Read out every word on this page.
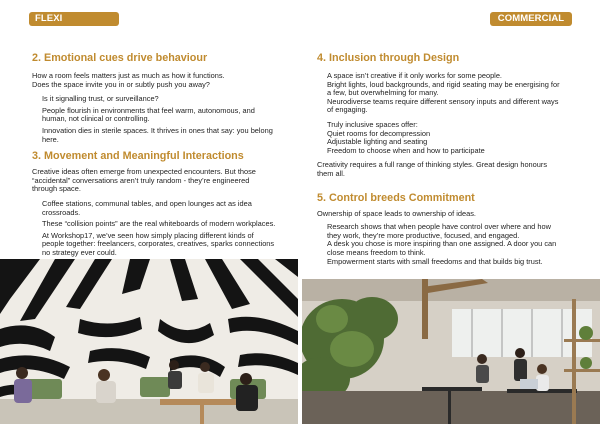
FLEXI WORKSPACES
COMMERCIAL
2. Emotional cues drive behaviour

How a room feels matters just as much as how it functions.

Does the space invite you in or subtly push you away?

Is it signalling trust, or surveillance?

People flourish in environments that feel warm, autonomous, and

human, not clinical or controlling.

Innovation dies in sterile spaces. It thrives in ones that say: you belong

here.

3. Movement and Meaningful Interactions

Creative ideas often emerge from unexpected encounters. But those

“accidental” conversations aren’t truly random - they’re engineered

through space.

Coffee stations, communal tables, and open lounges act as idea

crossroads.

These “collision points” are the real whiteboards of modern workplaces.

At Workshop17, we’ve seen how simply placing different kinds of

people together: freelancers, corporates, creatives, sparks connections

no strategy ever could.

4. Inclusion through Design

A space isn’t creative if it only works for some people.

Bright lights, loud backgrounds, and rigid seating may be energising for

a few, but overwhelming for many.

Neurodiverse teams require different sensory inputs and different ways

of engaging.

Truly inclusive spaces offer:

Quiet rooms for decompression

Adjustable lighting and seating

Freedom to choose when and how to participate

Creativity requires a full range of thinking styles. Great design honours

them all.

5. Control breeds Commitment

Ownership of space leads to ownership of ideas.

Research shows that when people have control over where and how

they work, they’re more productive, focused, and engaged.

A desk you chose is more inspiring than one assigned. A door you can

close means freedom to think.

Empowerment starts with small freedoms and that builds big trust.
